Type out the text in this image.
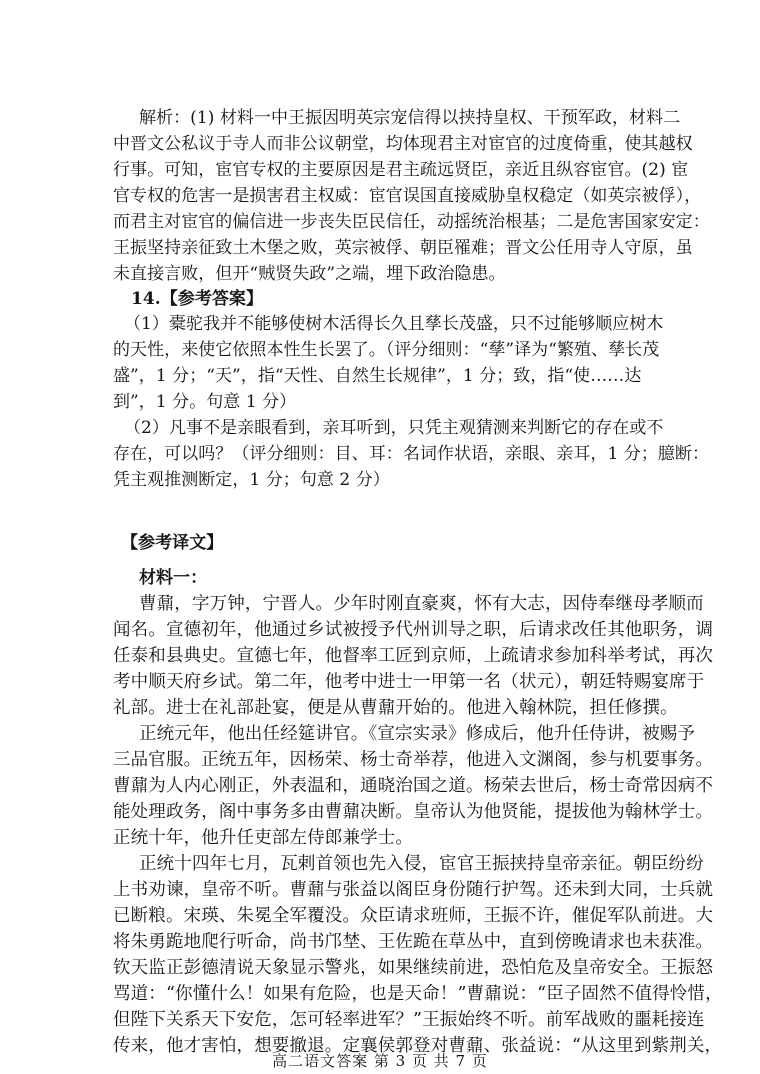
解析：(1) 材料一中王振因明英宗宠信得以挟持皇权、干预军政，材料二
中晋文公私议于寺人而非公议朝堂，均体现君主对宦官的过度倚重，使其越权
行事。可知，宦官专权的主要原因是君主疏远贤臣，亲近且纵容宦官。(2) 宦
官专权的危害一是损害君主权威：宦官误国直接威胁皇权稳定（如英宗被俘），
而君主对宦官的偏信进一步丧失臣民信任，动摇统治根基；二是危害国家安定：
王振坚持亲征致土木堡之败，英宗被俘、朝臣罹难；晋文公任用寺人守原，虽
未直接言败，但开“贼贤失政”之端，埋下政治隐患。
14.【参考答案】
（1）橐驼我并不能够使树木活得长久且孳长茂盛，只不过能够顺应树木
的天性，来使它依照本性生长罢了。（评分细则：“孳”译为“繁殖、孳长茂
盛”，1 分；“天”，指“天性、自然生长规律”，1 分；致，指“使……达
到”，1 分。句意 1 分）
（2）凡事不是亲眼看到，亲耳听到，只凭主观猜测来判断它的存在或不
存在，可以吗？（评分细则：目、耳：名词作状语，亲眼、亲耳，1 分；臆断：
凭主观推测断定，1 分；句意 2 分）
【参考译文】
材料一：
曹鼐，字万钟，宁晋人。少年时刚直豪爽，怀有大志，因侍奉继母孝顺而
闻名。宣德初年，他通过乡试被授予代州训导之职，后请求改任其他职务，调
任泰和县典史。宣德七年，他督率工匠到京师，上疏请求参加科举考试，再次
考中顺天府乡试。第二年，他考中进士一甲第一名（状元），朝廷特赐宴席于
礼部。进士在礼部赴宴，便是从曹鼐开始的。他进入翰林院，担任修撰。
正统元年，他出任经筵讲官。《宣宗实录》修成后，他升任侍讲，被赐予
三品官服。正统五年，因杨荣、杨士奇举荐，他进入文渊阁，参与机要事务。
曹鼐为人内心刚正，外表温和，通晓治国之道。杨荣去世后，杨士奇常因病不
能处理政务，阁中事务多由曹鼐决断。皇帝认为他贤能，提拔他为翰林学士。
正统十年，他升任吏部左侍郎兼学士。
正统十四年七月，瓦剌首领也先入侵，宦官王振挟持皇帝亲征。朝臣纷纷
上书劝谏，皇帝不听。曹鼐与张益以阁臣身份随行护驾。还未到大同，士兵就
已断粮。宋瑛、朱冕全军覆没。众臣请求班师，王振不许，催促军队前进。大
将朱勇跪地爬行听命，尚书邝埜、王佐跪在草丛中，直到傍晚请求也未获准。
钦天监正彭德清说天象显示警兆，如果继续前进，恐怕危及皇帝安全。王振怒
骂道：“你懂什么！如果有危险，也是天命！”曹鼐说：“臣子固然不值得怜惜，
但陛下关系天下安危，怎可轻率进军？”王振始终不听。前军战败的噩耗接连
传来，他才害怕，想要撤退。定襄侯郭登对曹鼐、张益说：“从这里到紫荆关，
高二语文答案 第 3 页 共 7 页
